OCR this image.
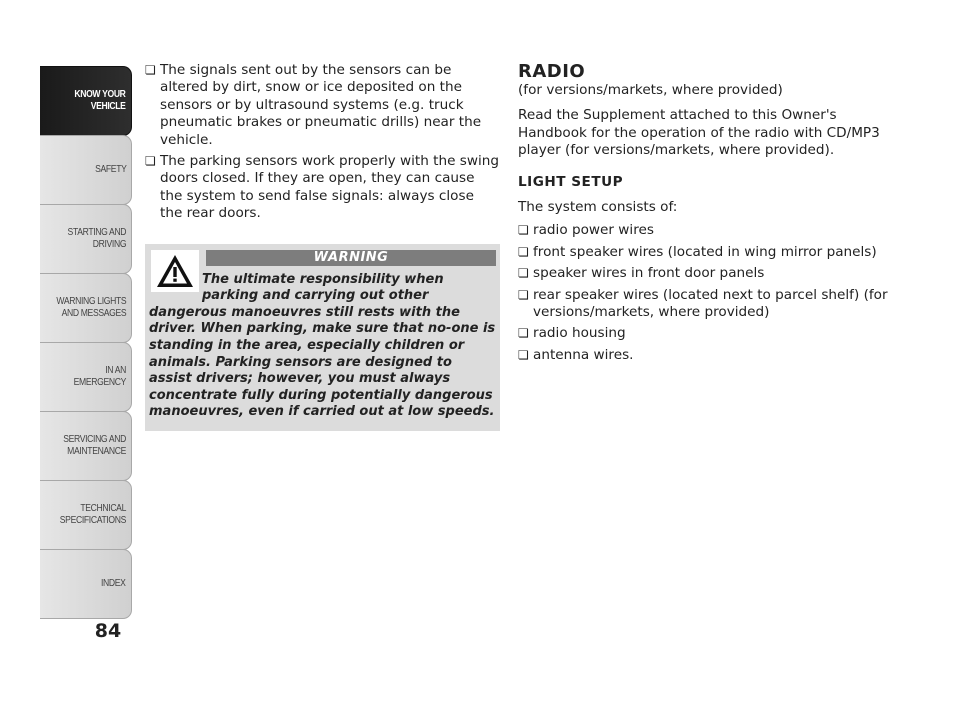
KNOW YOUR
VEHICLE
SAFETY
STARTING AND
DRIVING
WARNING LIGHTS
AND MESSAGES
IN AN EMERGENCY
SERVICING AND
MAINTENANCE
TECHNICAL
SPECIFICATIONS
INDEX
84

❏ The signals sent out by the sensors can be altered by dirt, snow or ice deposited on the sensors or by ultrasound systems (e.g. truck pneumatic brakes or pneumatic drills) near the vehicle.

❏ The parking sensors work properly with the swing doors closed. If they are open, they can cause the system to send false signals: always close the rear doors.

WARNING
The ultimate responsibility when
parking and carrying out other
dangerous manoeuvres still rests with the driver. When parking, make sure that no-one is standing in the area, especially children or animals. Parking sensors are designed to assist drivers; however, you must always concentrate fully during potentially dangerous manoeuvres, even if carried out at low speeds.
RADIO

(for versions/markets, where provided)

Read the Supplement attached to this Owner's Handbook for the operation of the radio with CD/MP3 player (for versions/markets, where provided).

LIGHT SETUP

The system consists of:

❏ radio power wires

❏ front speaker wires (located in wing mirror panels)

❏ speaker wires in front door panels

❏ rear speaker wires (located next to parcel shelf) (for versions/markets, where provided)

❏ radio housing

❏ antenna wires.
